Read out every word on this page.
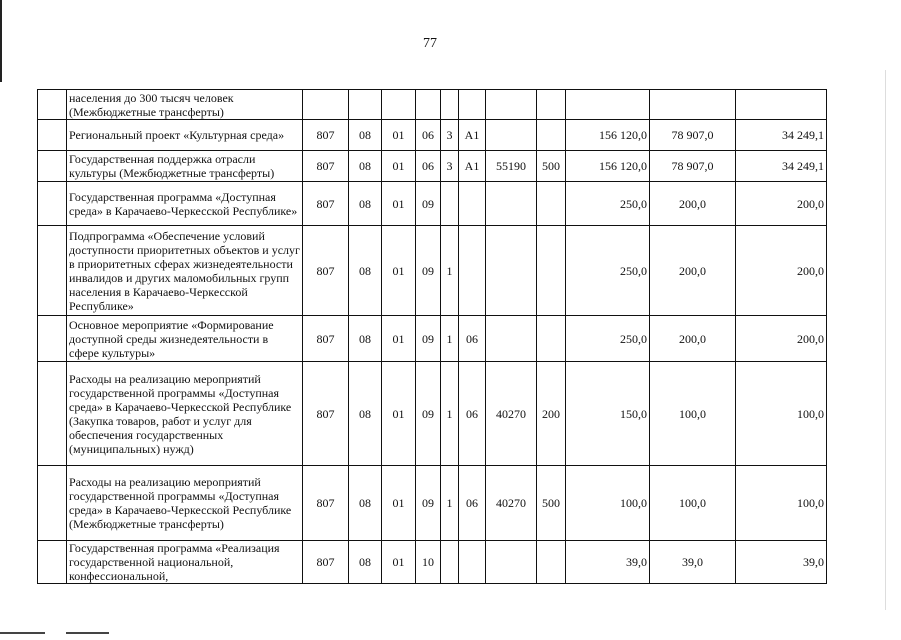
77
	населения до 300 тысяч человек (Межбюджетные трансферты)											
	Региональный проект «Культурная среда»	807	08	01	06	3	А1			156 120,0	78 907,0	34 249,1
	Государственная поддержка отрасли культуры (Межбюджетные трансферты)	807	08	01	06	3	А1	55190	500	156 120,0	78 907,0	34 249,1
	Государственная программа «Доступная среда» в Карачаево-Черкесской Республике»	807	08	01	09					250,0	200,0	200,0
	Подпрограмма «Обеспечение условий доступности приоритетных объектов и услуг в приоритетных сферах жизнедеятельности инвалидов и других маломобильных групп населения в Карачаево-Черкесской Республике»	807	08	01	09	1				250,0	200,0	200,0
	Основное мероприятие «Формирование доступной среды жизнедеятельности в сфере культуры»	807	08	01	09	1	06			250,0	200,0	200,0
	Расходы на реализацию мероприятий государственной программы «Доступная среда» в Карачаево-Черкесской Республике (Закупка товаров, работ и услуг для обеспечения государственных (муниципальных) нужд)	807	08	01	09	1	06	40270	200	150,0	100,0	100,0
	Расходы на реализацию мероприятий государственной программы «Доступная среда» в Карачаево-Черкесской Республике (Межбюджетные трансферты)	807	08	01	09	1	06	40270	500	100,0	100,0	100,0
	Государственная программа «Реализация государственной национальной, конфессиональной,	807	08	01	10					39,0	39,0	39,0
